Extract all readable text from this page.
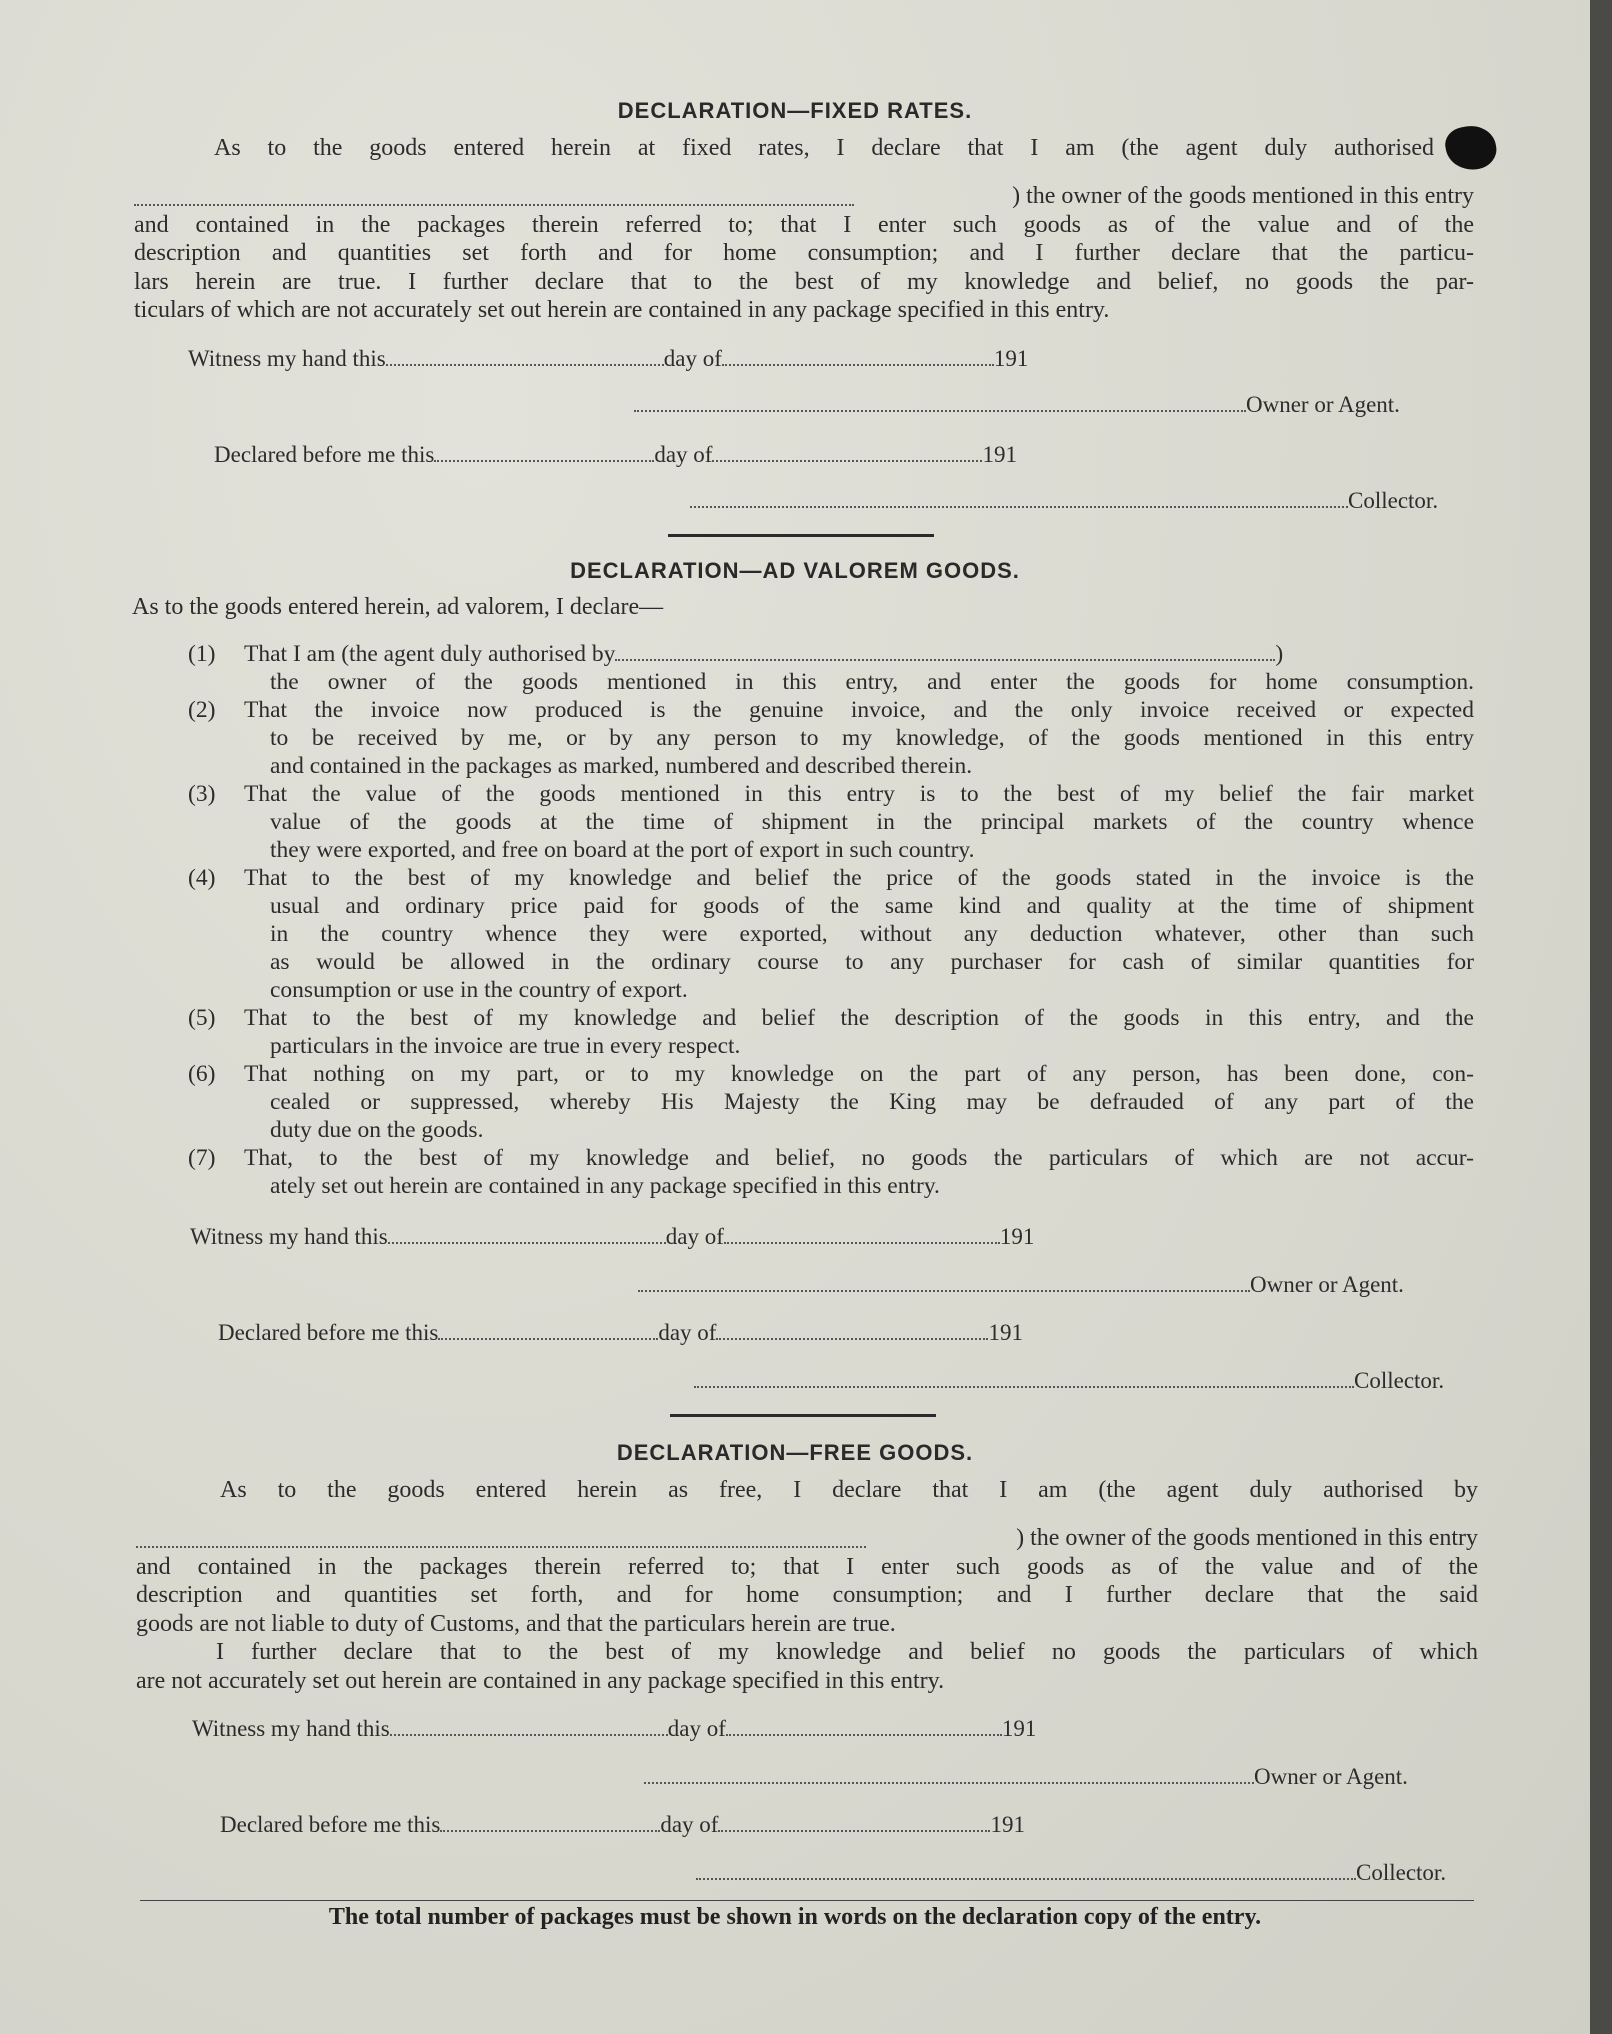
DECLARATION—FIXED RATES.
As to the goods entered herein at fixed rates, I declare that I am (the agent duly authorised
) the owner of the goods mentioned in this entry
and contained in the packages therein referred to; that I enter such goods as of the value and of the
description and quantities set forth and for home consumption; and I further declare that the particu-
lars herein are true. I further declare that to the best of my knowledge and belief, no goods the par-
ticulars of which are not accurately set out herein are contained in any package specified in this entry.
Witness my hand this	day of	191
Owner or Agent.
Declared before me this	day of	191
Collector.
DECLARATION—AD VALOREM GOODS.
As to the goods entered herein, ad valorem, I declare—
(1) That I am (the agent duly authorised by	)
the owner of the goods mentioned in this entry, and enter the goods for home consumption.
(2) That the invoice now produced is the genuine invoice, and the only invoice received or expected
to be received by me, or by any person to my knowledge, of the goods mentioned in this entry
and contained in the packages as marked, numbered and described therein.
(3) That the value of the goods mentioned in this entry is to the best of my belief the fair market
value of the goods at the time of shipment in the principal markets of the country whence
they were exported, and free on board at the port of export in such country.
(4) That to the best of my knowledge and belief the price of the goods stated in the invoice is the
usual and ordinary price paid for goods of the same kind and quality at the time of shipment
in the country whence they were exported, without any deduction whatever, other than such
as would be allowed in the ordinary course to any purchaser for cash of similar quantities for
consumption or use in the country of export.
(5) That to the best of my knowledge and belief the description of the goods in this entry, and the
particulars in the invoice are true in every respect.
(6) That nothing on my part, or to my knowledge on the part of any person, has been done, con-
cealed or suppressed, whereby His Majesty the King may be defrauded of any part of the
duty due on the goods.
(7) That, to the best of my knowledge and belief, no goods the particulars of which are not accur-
ately set out herein are contained in any package specified in this entry.
Witness my hand this	day of	191
Owner or Agent.
Declared before me this	day of	191
Collector.
DECLARATION—FREE GOODS.
As to the goods entered herein as free, I declare that I am (the agent duly authorised by
) the owner of the goods mentioned in this entry
and contained in the packages therein referred to; that I enter such goods as of the value and of the
description and quantities set forth, and for home consumption; and I further declare that the said
goods are not liable to duty of Customs, and that the particulars herein are true.
I further declare that to the best of my knowledge and belief no goods the particulars of which
are not accurately set out herein are contained in any package specified in this entry.
Witness my hand this	day of	191
Owner or Agent.
Declared before me this	day of	191
Collector.
The total number of packages must be shown in words on the declaration copy of the entry.
